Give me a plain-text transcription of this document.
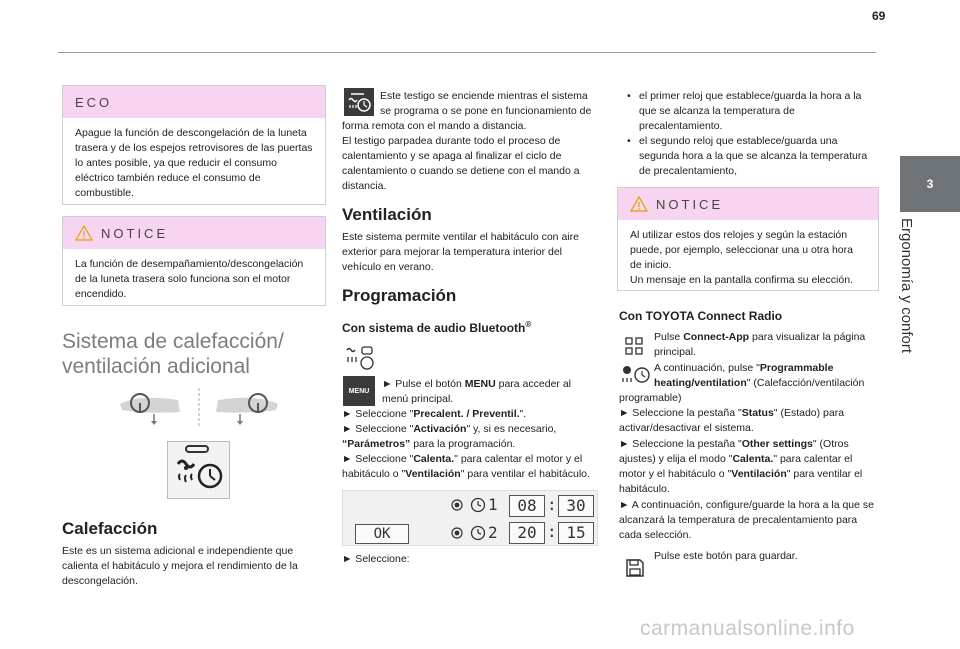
69
3
Ergonomía y confort
ECO
Apague la función de descongelación de la luneta trasera y de los espejos retrovisores de las puertas lo antes posible, ya que reducir el consumo eléctrico también reduce el consumo de combustible.
NOTICE
La función de desempañamiento/descongelación de la luneta trasera solo funciona son el motor encendido.
Sistema de calefacción/
ventilación adicional
Calefacción
Este es un sistema adicional e independiente que calienta el habitáculo y mejora el rendimiento de la descongelación.
Este testigo se enciende mientras el sistema
se programa o se pone en funcionamiento de
forma remota con el mando a distancia.
El testigo parpadea durante todo el proceso de calentamiento y se apaga al finalizar el ciclo de calentamiento o cuando se detiene con el mando a distancia.
Ventilación
Este sistema permite ventilar el habitáculo con aire exterior para mejorar la temperatura interior del vehículo en verano.
Programación
Con sistema de audio Bluetooth®
MENU
► Pulse el botón MENU para acceder al
menú principal.
► Seleccione "Precalent. / Preventil.".
► Seleccione "Activación" y, si es necesario,
“Parámetros” para la programación.
► Seleccione "Calenta." para calentar el motor y el
habitáculo o "Ventilación" para ventilar el habitáculo.
OK
1	08 : 30
2	20 : 15
► Seleccione:
• el primer reloj que establece/guarda la hora a la que se alcanza la temperatura de precalentamiento.
• el segundo reloj que establece/guarda una segunda hora a la que se alcanza la temperatura de precalentamiento,
NOTICE
Al utilizar estos dos relojes y según la estación puede, por ejemplo, seleccionar una u otra hora de inicio.
Un mensaje en la pantalla confirma su elección.
Con TOYOTA Connect Radio
Pulse Connect-App para visualizar la página
principal.
A continuación, pulse "Programmable
heating/ventilation" (Calefacción/ventilación
programable)
► Seleccione la pestaña "Status" (Estado) para
activar/desactivar el sistema.
► Seleccione la pestaña "Other settings" (Otros
ajustes) y elija el modo "Calenta." para calentar el
motor y el habitáculo o "Ventilación" para ventilar el
habitáculo.
► A continuación, configure/guarde la hora a la que se alcanzará la temperatura de precalentamiento para cada selección.
Pulse este botón para guardar.
carmanualsonline.info
